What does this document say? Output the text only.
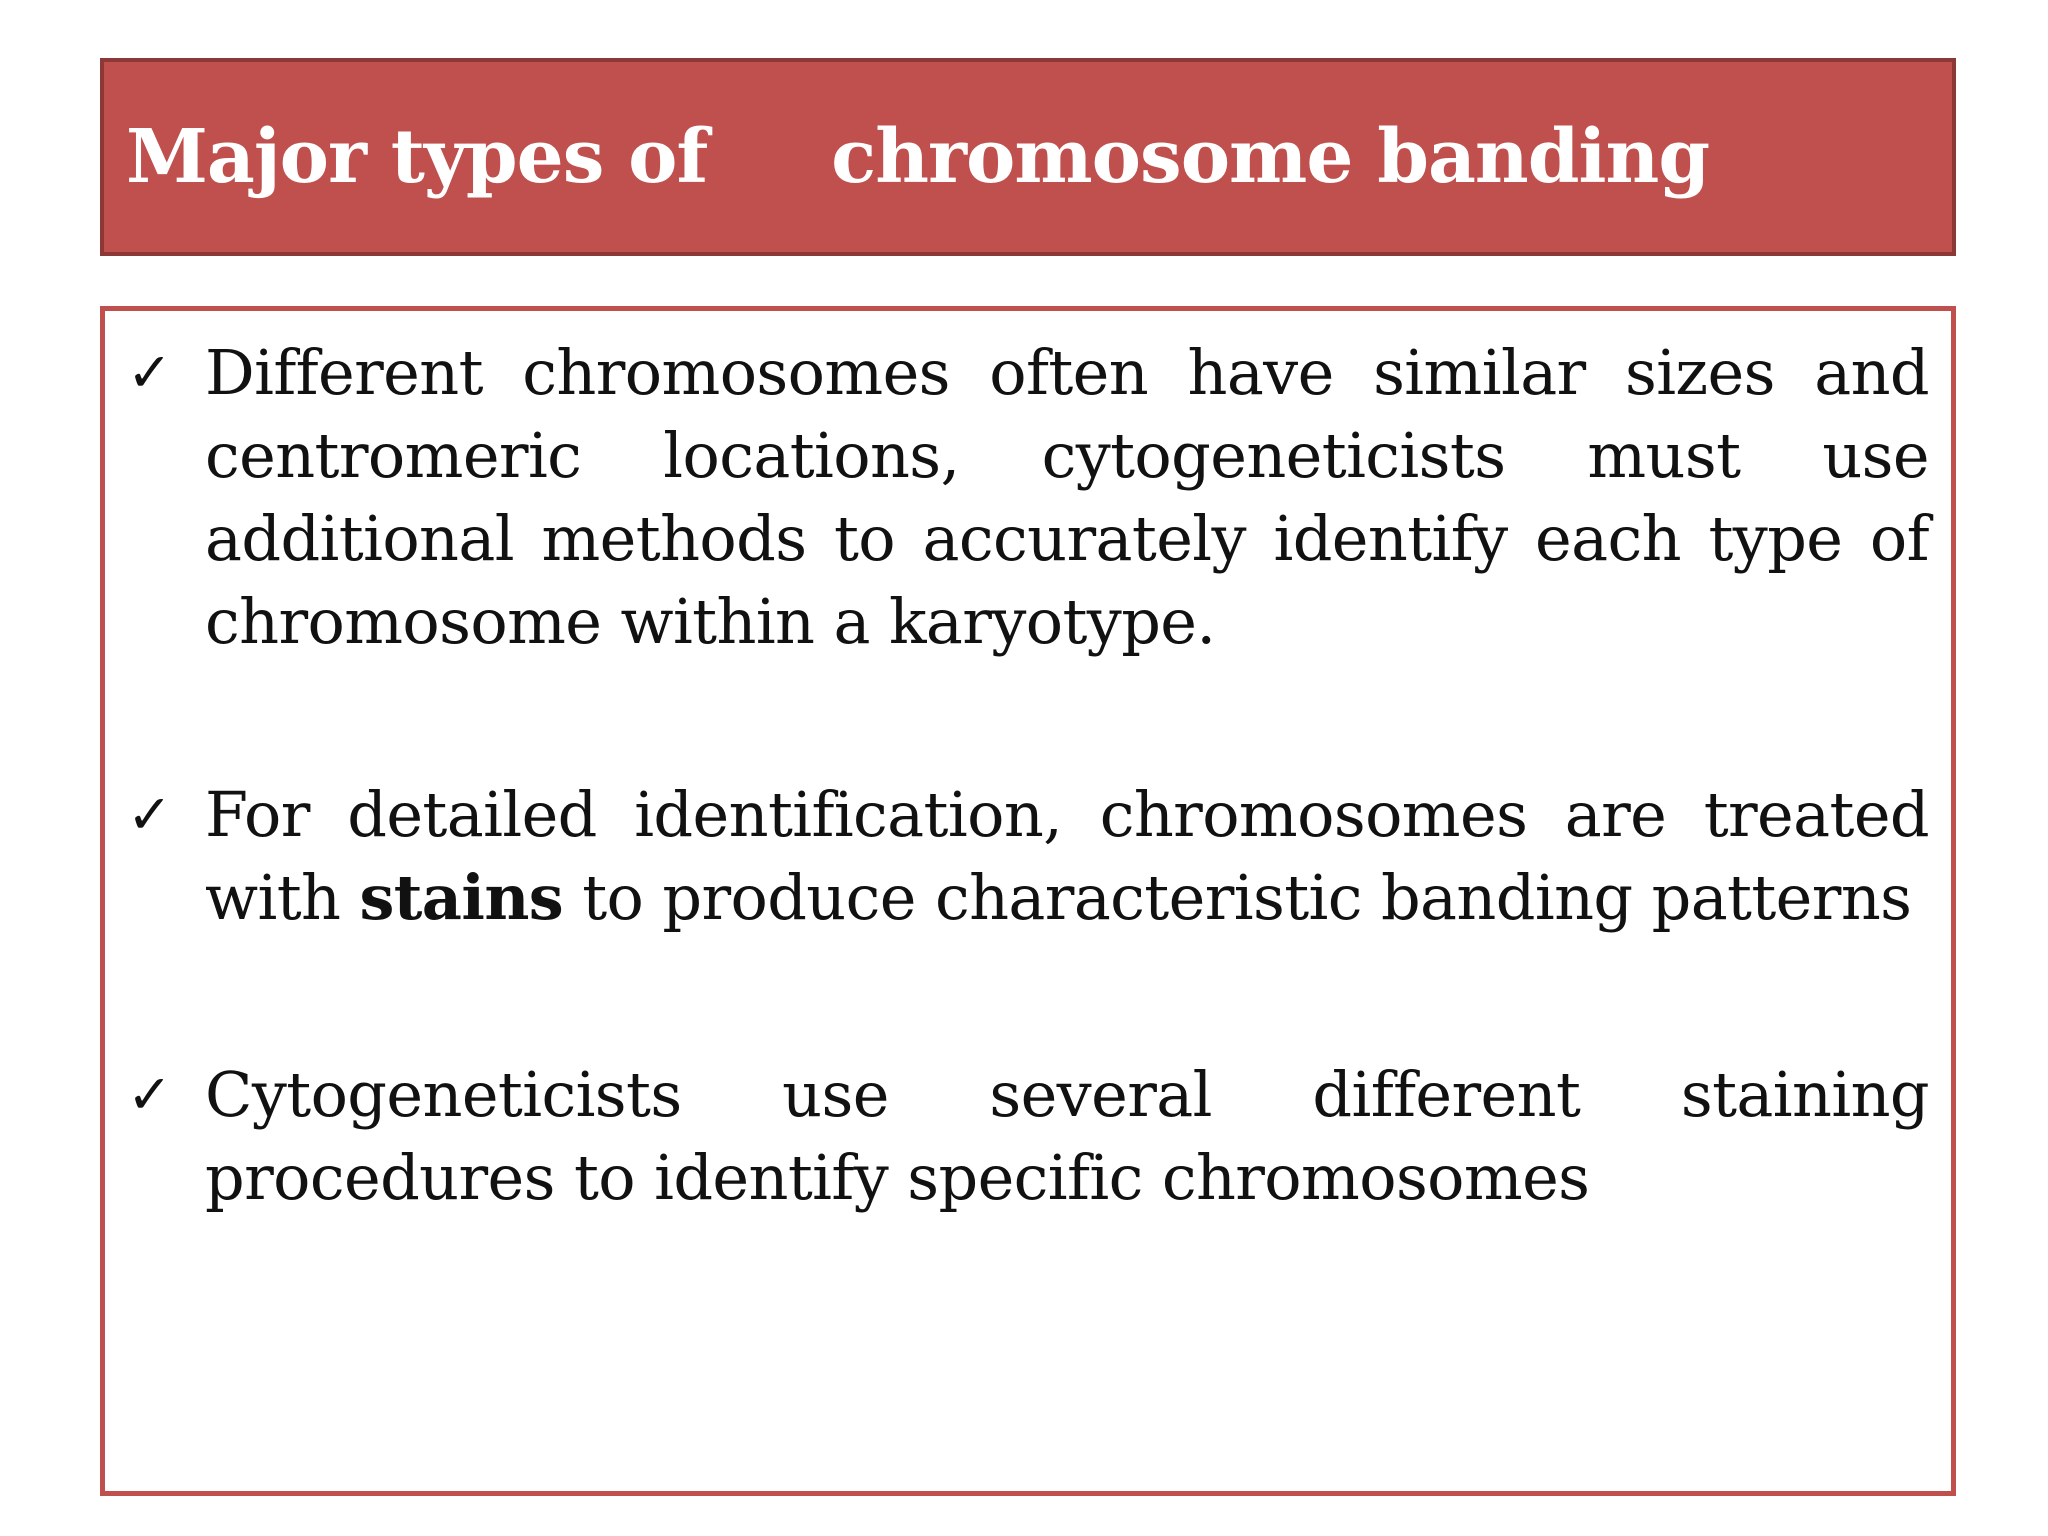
Major types of     chromosome banding
✓ Different chromosomes often have similar sizes and centromeric locations, cytogeneticists must use additional methods to accurately identify each type of chromosome within a karyotype.
✓ For detailed identification, chromosomes are treated with stains to produce characteristic banding patterns
✓ Cytogeneticists use several different staining procedures to identify specific chromosomes
